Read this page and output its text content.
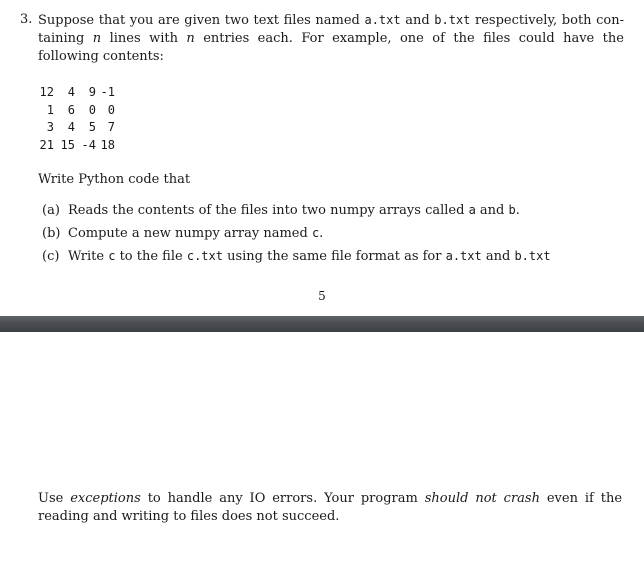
3. Suppose that you are given two text files named a.txt and b.txt respectively, both con-taining n lines with n entries each. For example, one of the files could have the following contents:
12	4	9	-1
1	6	0	0
3	4	5	7
21	15	-4	18
Write Python code that
(a) Reads the contents of the files into two numpy arrays called a and b.
(b) Compute a new numpy array named c.
(c) Write c to the file c.txt using the same file format as for a.txt and b.txt
5
Use exceptions to handle any IO errors. Your program should not crash even if the reading and writing to files does not succeed.
